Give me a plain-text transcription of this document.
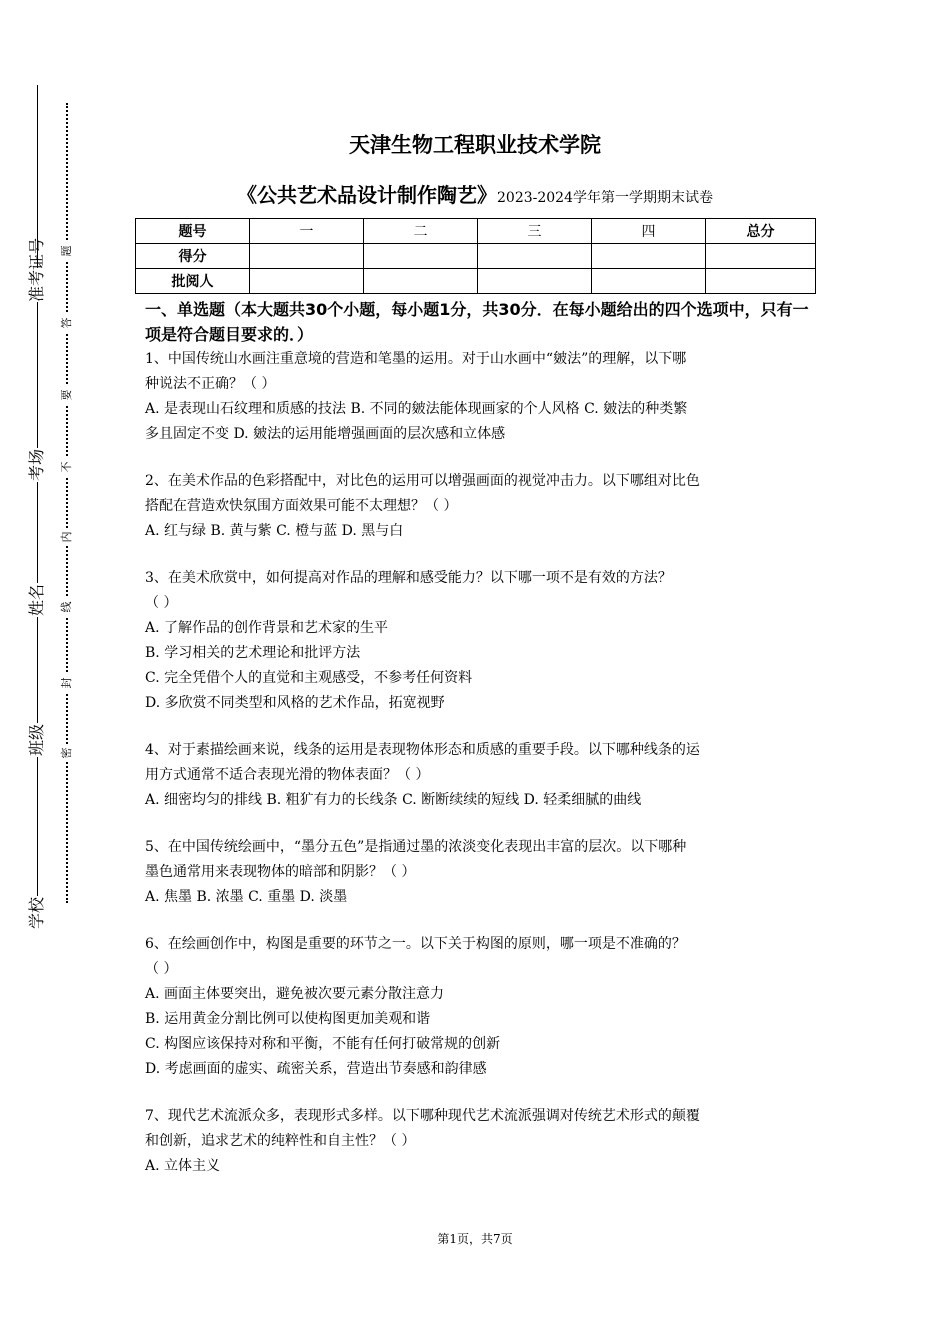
准考证号
考场
姓名
班级
学校
题
答
要
不
内
线
封
密
天津生物工程职业技术学院
《公共艺术品设计制作陶艺》2023-2024学年第一学期期末试卷
题号	一	二	三	四	总分
得分					
批阅人					
一、单选题（本大题共30个小题，每小题1分，共30分．在每小题给出的四个选项中，只有一项是符合题目要求的．）

1、中国传统山水画注重意境的营造和笔墨的运用。对于山水画中“皴法”的理解，以下哪

种说法不正确？（ ）

A. 是表现山石纹理和质感的技法 B. 不同的皴法能体现画家的个人风格 C. 皴法的种类繁

多且固定不变 D. 皴法的运用能增强画面的层次感和立体感

2、在美术作品的色彩搭配中，对比色的运用可以增强画面的视觉冲击力。以下哪组对比色

搭配在营造欢快氛围方面效果可能不太理想？（ ）

A. 红与绿 B. 黄与紫 C. 橙与蓝 D. 黑与白

3、在美术欣赏中，如何提高对作品的理解和感受能力？以下哪一项不是有效的方法？

（ ）

A. 了解作品的创作背景和艺术家的生平

B. 学习相关的艺术理论和批评方法

C. 完全凭借个人的直觉和主观感受，不参考任何资料

D. 多欣赏不同类型和风格的艺术作品，拓宽视野

4、对于素描绘画来说，线条的运用是表现物体形态和质感的重要手段。以下哪种线条的运

用方式通常不适合表现光滑的物体表面？（ ）

A. 细密均匀的排线 B. 粗犷有力的长线条 C. 断断续续的短线 D. 轻柔细腻的曲线

5、在中国传统绘画中，“墨分五色”是指通过墨的浓淡变化表现出丰富的层次。以下哪种

墨色通常用来表现物体的暗部和阴影？（ ）

A. 焦墨 B. 浓墨 C. 重墨 D. 淡墨

6、在绘画创作中，构图是重要的环节之一。以下关于构图的原则，哪一项是不准确的？

（ ）

A. 画面主体要突出，避免被次要元素分散注意力

B. 运用黄金分割比例可以使构图更加美观和谐

C. 构图应该保持对称和平衡，不能有任何打破常规的创新

D. 考虑画面的虚实、疏密关系，营造出节奏感和韵律感

7、现代艺术流派众多，表现形式多样。以下哪种现代艺术流派强调对传统艺术形式的颠覆

和创新，追求艺术的纯粹性和自主性？（ ）

A. 立体主义

第1页，共7页
